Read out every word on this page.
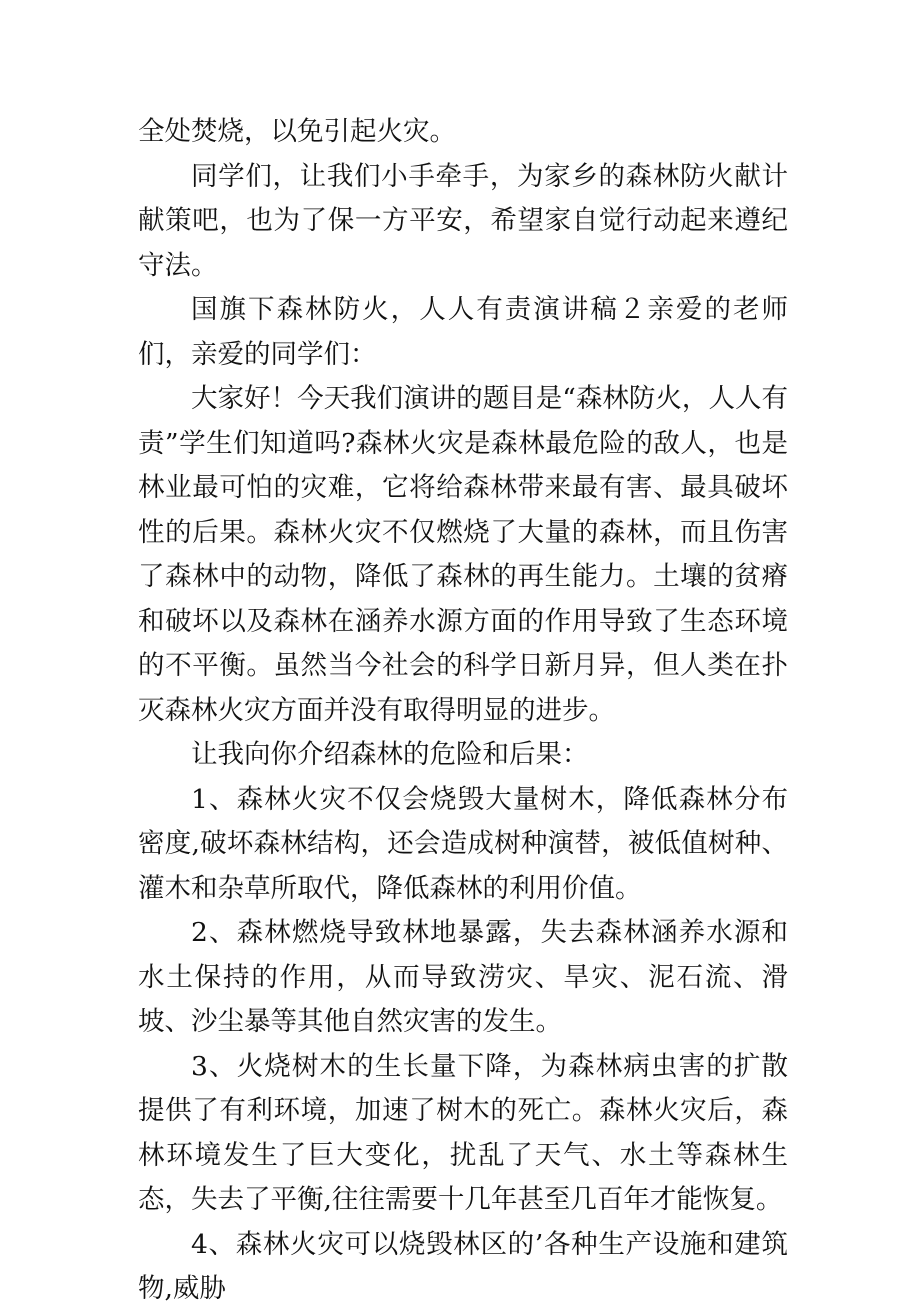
全处焚烧，以免引起火灾。

同学们，让我们小手牵手，为家乡的森林防火献计献策吧，也为了保一方平安，希望家自觉行动起来遵纪守法。

国旗下森林防火，人人有责演讲稿２亲爱的老师们，亲爱的同学们：

大家好！今天我们演讲的题目是“森林防火，人人有责”学生们知道吗?森林火灾是森林最危险的敌人，也是林业最可怕的灾难，它将给森林带来最有害、最具破坏性的后果。森林火灾不仅燃烧了大量的森林，而且伤害了森林中的动物，降低了森林的再生能力。土壤的贫瘠和破坏以及森林在涵养水源方面的作用导致了生态环境的不平衡。虽然当今社会的科学日新月异，但人类在扑灭森林火灾方面并没有取得明显的进步。

让我向你介绍森林的危险和后果：

1、森林火灾不仅会烧毁大量树木，降低森林分布密度,破坏森林结构，还会造成树种演替，被低值树种、灌木和杂草所取代，降低森林的利用价值。

2、森林燃烧导致林地暴露，失去森林涵养水源和水土保持的作用，从而导致涝灾、旱灾、泥石流、滑坡、沙尘暴等其他自然灾害的发生。

3、火烧树木的生长量下降，为森林病虫害的扩散提供了有利环境，加速了树木的死亡。森林火灾后，森林环境发生了巨大变化，扰乱了天气、水土等森林生态，失去了平衡,往往需要十几年甚至几百年才能恢复。

4、森林火灾可以烧毁林区的’各种生产设施和建筑物,威胁
